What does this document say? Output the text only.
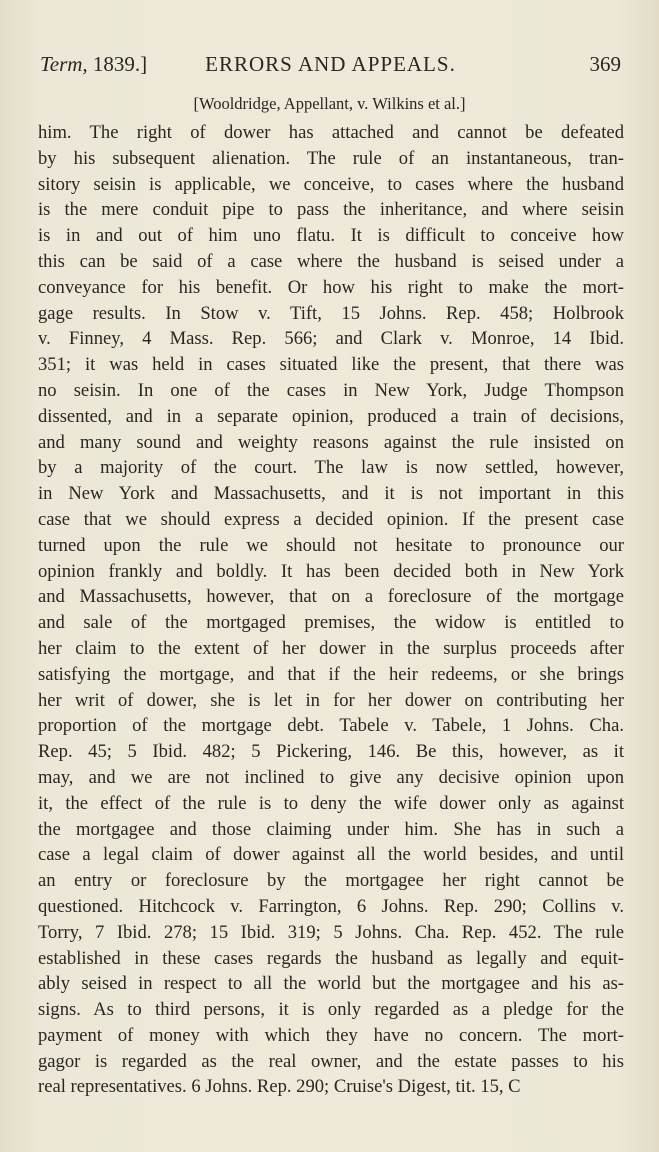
Term, 1839.]	ERRORS AND APPEALS.	369
[Wooldridge, Appellant, v. Wilkins et al.]
him. The right of dower has attached and cannot be defeated
by his subsequent alienation. The rule of an instantaneous, tran-
sitory seisin is applicable, we conceive, to cases where the husband
is the mere conduit pipe to pass the inheritance, and where seisin
is in and out of him uno flatu. It is difficult to conceive how
this can be said of a case where the husband is seised under a
conveyance for his benefit. Or how his right to make the mort-
gage results. In Stow v. Tift, 15 Johns. Rep. 458; Holbrook
v. Finney, 4 Mass. Rep. 566; and Clark v. Monroe, 14 Ibid.
351; it was held in cases situated like the present, that there was
no seisin. In one of the cases in New York, Judge Thompson
dissented, and in a separate opinion, produced a train of decisions,
and many sound and weighty reasons against the rule insisted on
by a majority of the court. The law is now settled, however,
in New York and Massachusetts, and it is not important in this
case that we should express a decided opinion. If the present case
turned upon the rule we should not hesitate to pronounce our
opinion frankly and boldly. It has been decided both in New York
and Massachusetts, however, that on a foreclosure of the mortgage
and sale of the mortgaged premises, the widow is entitled to
her claim to the extent of her dower in the surplus proceeds after
satisfying the mortgage, and that if the heir redeems, or she brings
her writ of dower, she is let in for her dower on contributing her
proportion of the mortgage debt. Tabele v. Tabele, 1 Johns. Cha.
Rep. 45; 5 Ibid. 482; 5 Pickering, 146. Be this, however, as it
may, and we are not inclined to give any decisive opinion upon
it, the effect of the rule is to deny the wife dower only as against
the mortgagee and those claiming under him. She has in such a
case a legal claim of dower against all the world besides, and until
an entry or foreclosure by the mortgagee her right cannot be
questioned. Hitchcock v. Farrington, 6 Johns. Rep. 290; Collins v.
Torry, 7 Ibid. 278; 15 Ibid. 319; 5 Johns. Cha. Rep. 452. The rule
established in these cases regards the husband as legally and equit-
ably seised in respect to all the world but the mortgagee and his as-
signs. As to third persons, it is only regarded as a pledge for the
payment of money with which they have no concern. The mort-
gagor is regarded as the real owner, and the estate passes to his
real representatives. 6 Johns. Rep. 290; Cruise's Digest, tit. 15, C
